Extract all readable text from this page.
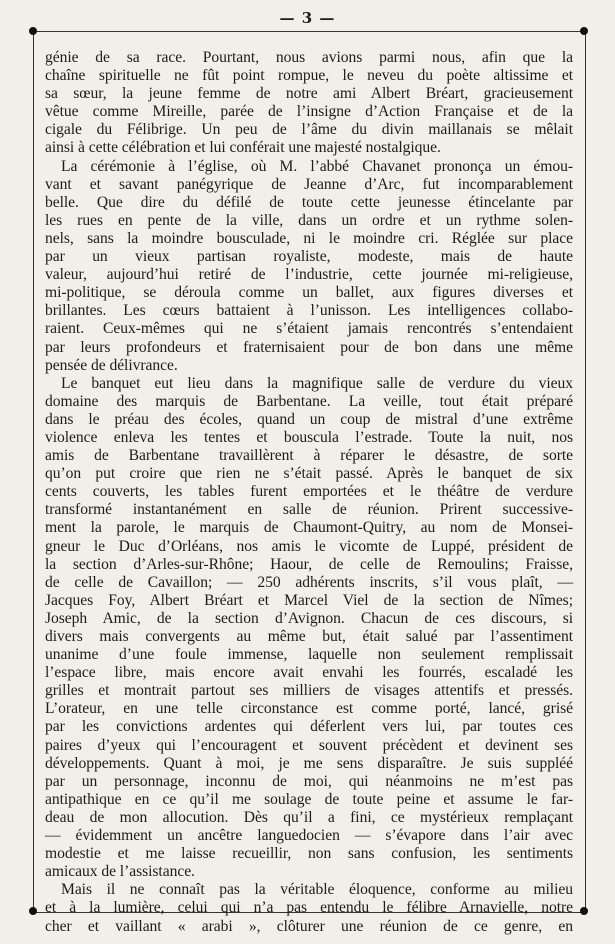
— 3 —
génie de sa race. Pourtant, nous avions parmi nous, afin que la
chaîne spirituelle ne fût point rompue, le neveu du poète altissime et
sa sœur, la jeune femme de notre ami Albert Bréart, gracieusement
vêtue comme Mireille, parée de l’insigne d’Action Française et de la
cigale du Félibrige. Un peu de l’âme du divin maillanais se mêlait
ainsi à cette célébration et lui conférait une majesté nostalgique.
La cérémonie à l’église, où M. l’abbé Chavanet prononça un émou-
vant et savant panégyrique de Jeanne d’Arc, fut incomparablement
belle. Que dire du défilé de toute cette jeunesse étincelante par
les rues en pente de la ville, dans un ordre et un rythme solen-
nels, sans la moindre bousculade, ni le moindre cri. Réglée sur place
par un vieux partisan royaliste, modeste, mais de haute
valeur, aujourd’hui retiré de l’industrie, cette journée mi-religieuse,
mi-politique, se déroula comme un ballet, aux figures diverses et
brillantes. Les cœurs battaient à l’unisson. Les intelligences collabo-
raient. Ceux-mêmes qui ne s’étaient jamais rencontrés s’entendaient
par leurs profondeurs et fraternisaient pour de bon dans une même
pensée de délivrance.
Le banquet eut lieu dans la magnifique salle de verdure du vieux
domaine des marquis de Barbentane. La veille, tout était préparé
dans le préau des écoles, quand un coup de mistral d’une extrême
violence enleva les tentes et bouscula l’estrade. Toute la nuit, nos
amis de Barbentane travaillèrent à réparer le désastre, de sorte
qu’on put croire que rien ne s’était passé. Après le banquet de six
cents couverts, les tables furent emportées et le théâtre de verdure
transformé instantanément en salle de réunion. Prirent successive-
ment la parole, le marquis de Chaumont-Quitry, au nom de Monsei-
gneur le Duc d’Orléans, nos amis le vicomte de Luppé, président de
la section d’Arles-sur-Rhône; Haour, de celle de Remoulins; Fraisse,
de celle de Cavaillon; — 250 adhérents inscrits, s’il vous plaît, —
Jacques Foy, Albert Bréart et Marcel Viel de la section de Nîmes;
Joseph Amic, de la section d’Avignon. Chacun de ces discours, si
divers mais convergents au même but, était salué par l’assentiment
unanime d’une foule immense, laquelle non seulement remplissait
l’espace libre, mais encore avait envahi les fourrés, escaladé les
grilles et montrait partout ses milliers de visages attentifs et pressés.
L’orateur, en une telle circonstance est comme porté, lancé, grisé
par les convictions ardentes qui déferlent vers lui, par toutes ces
paires d’yeux qui l’encouragent et souvent précèdent et devinent ses
développements. Quant à moi, je me sens disparaître. Je suis suppléé
par un personnage, inconnu de moi, qui néanmoins ne m’est pas
antipathique en ce qu’il me soulage de toute peine et assume le far-
deau de mon allocution. Dès qu’il a fini, ce mystérieux remplaçant
— évidemment un ancêtre languedocien — s’évapore dans l’air avec
modestie et me laisse recueillir, non sans confusion, les sentiments
amicaux de l’assistance.
Mais il ne connaît pas la véritable éloquence, conforme au milieu
et à la lumière, celui qui n’a pas entendu le félibre Arnavielle, notre
cher et vaillant « arabi », clôturer une réunion de ce genre, en
